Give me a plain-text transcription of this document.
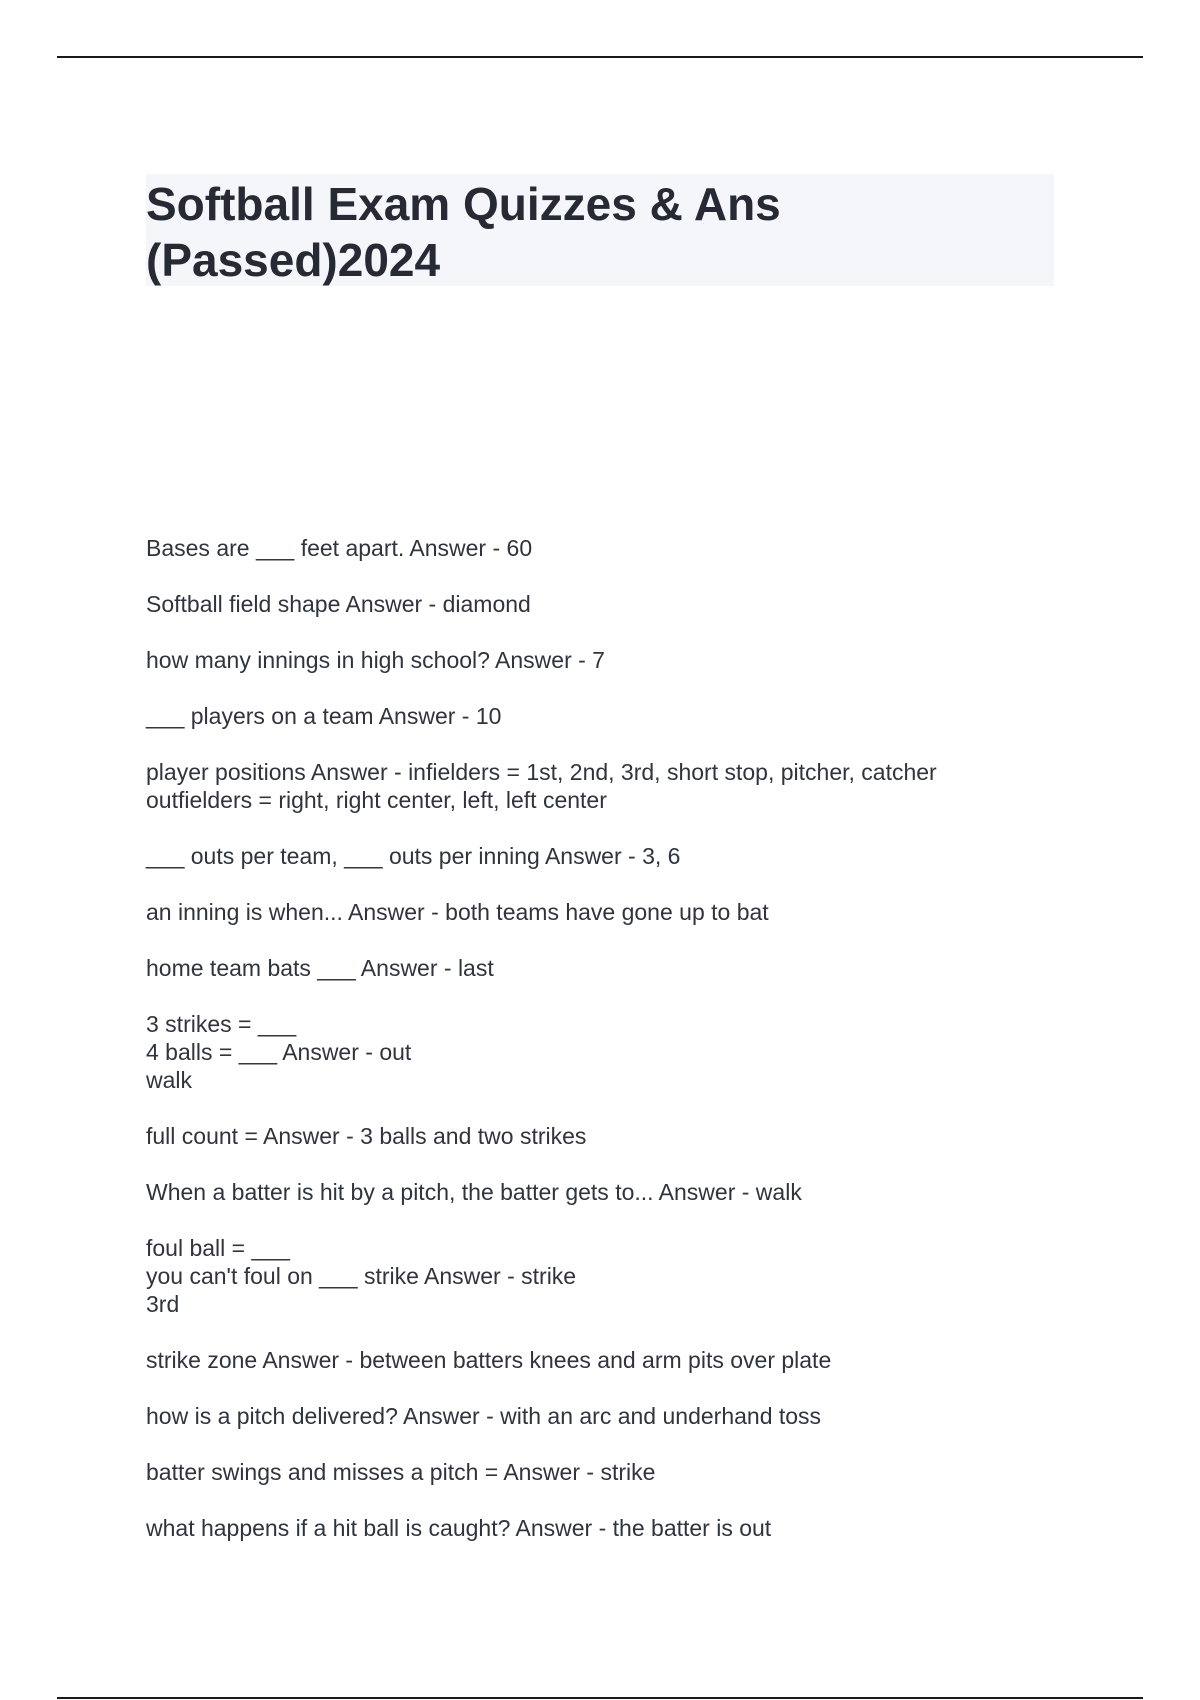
Softball Exam Quizzes & Ans
(Passed)2024
Bases are ___ feet apart. Answer - 60
Softball field shape Answer - diamond
how many innings in high school? Answer - 7
___ players on a team Answer - 10
player positions Answer - infielders = 1st, 2nd, 3rd, short stop, pitcher, catcher
outfielders = right, right center, left, left center
___ outs per team, ___ outs per inning Answer - 3, 6
an inning is when... Answer - both teams have gone up to bat
home team bats ___ Answer - last
3 strikes = ___
4 balls = ___ Answer - out
walk
full count = Answer - 3 balls and two strikes
When a batter is hit by a pitch, the batter gets to... Answer - walk
foul ball = ___
you can't foul on ___ strike Answer - strike
3rd
strike zone Answer - between batters knees and arm pits over plate
how is a pitch delivered? Answer - with an arc and underhand toss
batter swings and misses a pitch = Answer - strike
what happens if a hit ball is caught? Answer - the batter is out
